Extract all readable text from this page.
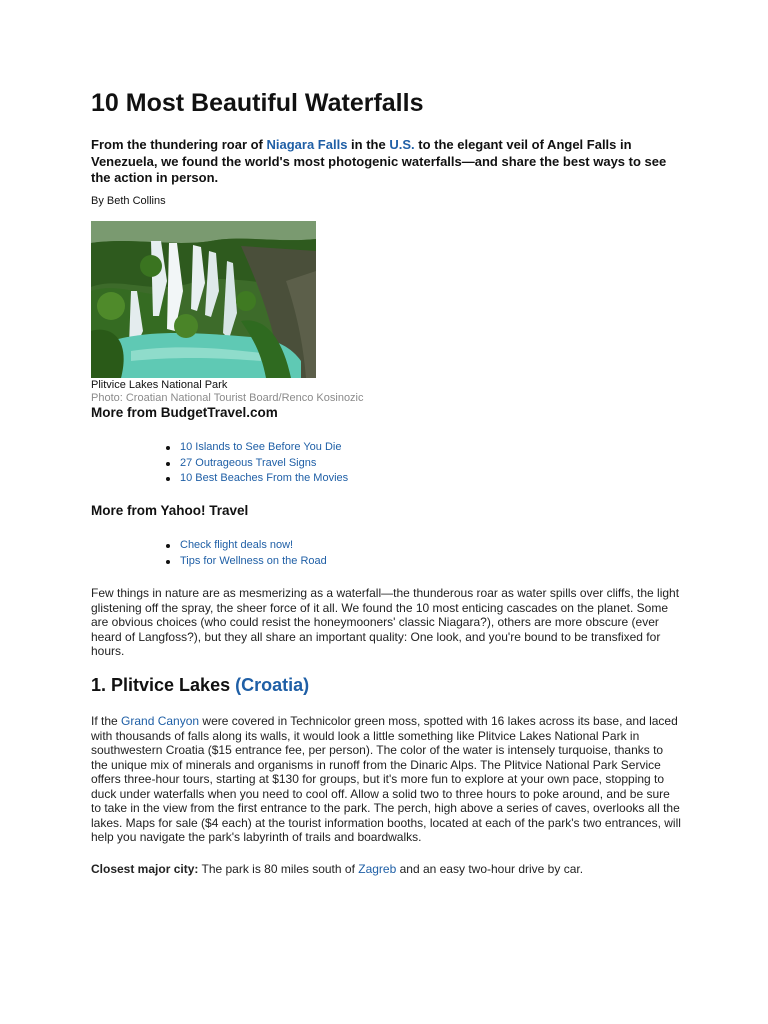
10 Most Beautiful Waterfalls

From the thundering roar of Niagara Falls in the U.S. to the elegant veil of Angel Falls in Venezuela, we found the world's most photogenic waterfalls—and share the best ways to see the action in person.

By Beth Collins

Plitvice Lakes National Park

Photo: Croatian National Tourist Board/Renco Kosinozic

More from BudgetTravel.com

10 Islands to See Before You Die
27 Outrageous Travel Signs
10 Best Beaches From the Movies

More from Yahoo! Travel

Check flight deals now!
Tips for Wellness on the Road

Few things in nature are as mesmerizing as a waterfall—the thunderous roar as water spills over cliffs, the light glistening off the spray, the sheer force of it all. We found the 10 most enticing cascades on the planet. Some are obvious choices (who could resist the honeymooners' classic Niagara?), others are more obscure (ever heard of Langfoss?), but they all share an important quality: One look, and you're bound to be transfixed for hours.

1. Plitvice Lakes (Croatia)

If the Grand Canyon were covered in Technicolor green moss, spotted with 16 lakes across its base, and laced with thousands of falls along its walls, it would look a little something like Plitvice Lakes National Park in southwestern Croatia ($15 entrance fee, per person). The color of the water is intensely turquoise, thanks to the unique mix of minerals and organisms in runoff from the Dinaric Alps. The Plitvice National Park Service offers three-hour tours, starting at $130 for groups, but it's more fun to explore at your own pace, stopping to duck under waterfalls when you need to cool off. Allow a solid two to three hours to poke around, and be sure to take in the view from the first entrance to the park. The perch, high above a series of caves, overlooks all the lakes. Maps for sale ($4 each) at the tourist information booths, located at each of the park's two entrances, will help you navigate the park's labyrinth of trails and boardwalks.

Closest major city: The park is 80 miles south of Zagreb and an easy two-hour drive by car.
